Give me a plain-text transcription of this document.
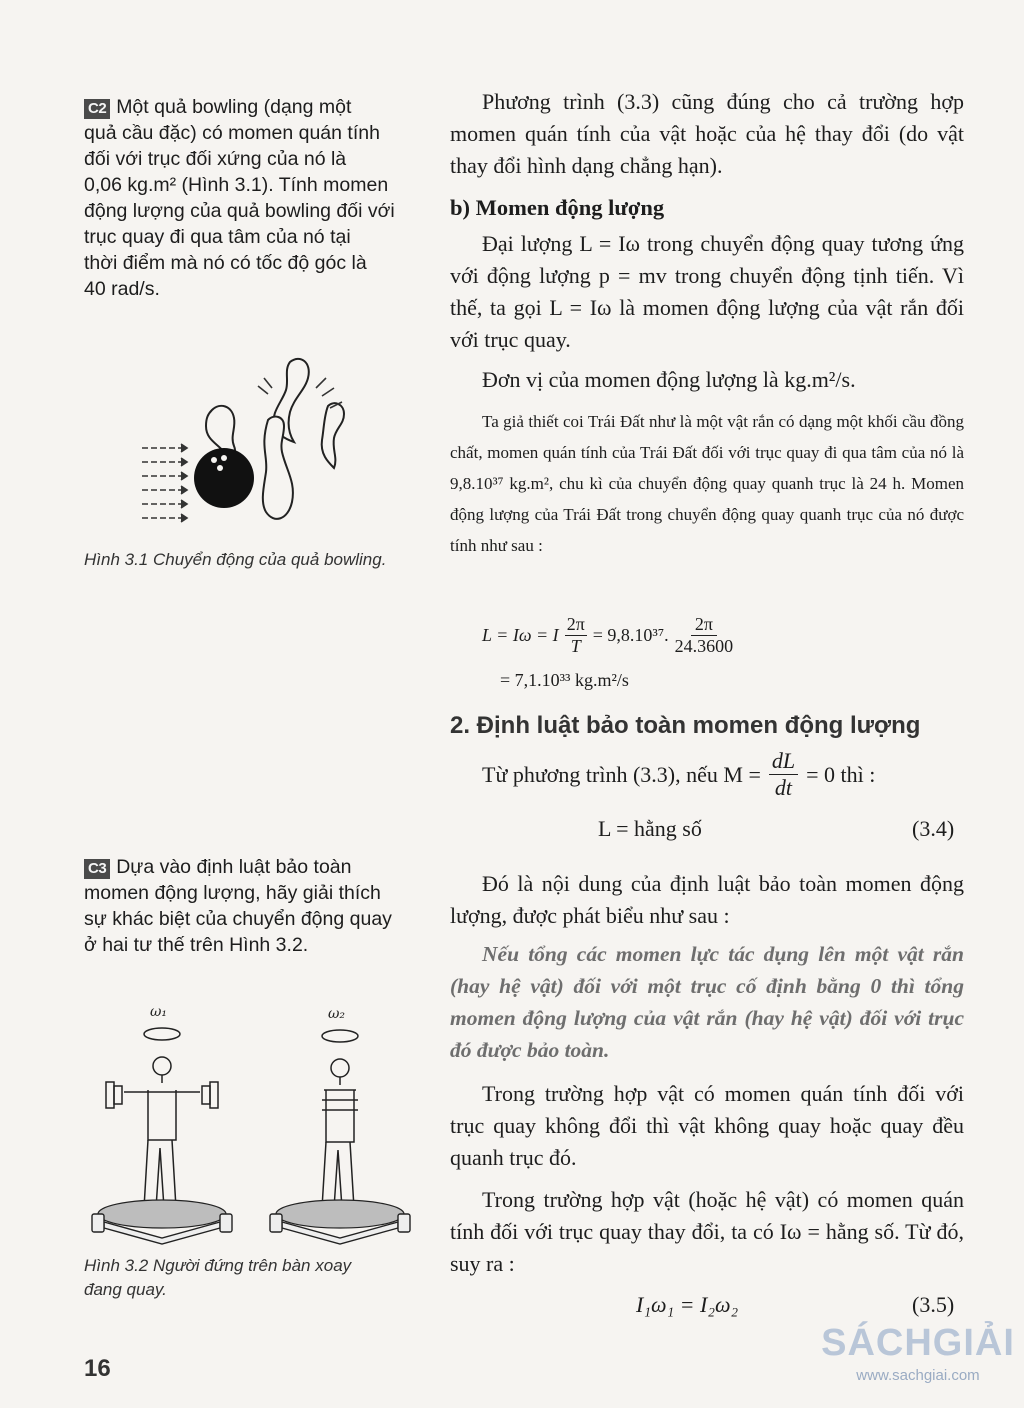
C2 Một quả bowling (dạng một
quả cầu đặc) có momen quán tính
đối với trục đối xứng của nó là
0,06 kg.m² (Hình 3.1). Tính momen
động lượng của quả bowling đối với
trục quay đi qua tâm của nó tại
thời điểm mà nó có tốc độ góc là
40 rad/s.

Hình 3.1 Chuyển động của quả bowling.

C3 Dựa vào định luật bảo toàn
momen động lượng, hãy giải thích
sự khác biệt của chuyển động quay
ở hai tư thế trên Hình 3.2.

ω₁	ω₂
Hình 3.2 Người đứng trên bàn xoay
đang quay.

Phương trình (3.3) cũng đúng cho cả trường hợp momen quán tính của vật hoặc của hệ thay đổi (do vật thay đổi hình dạng chẳng hạn).

b) Momen động lượng

Đại lượng L = Iω trong chuyển động quay tương ứng với động lượng p = mv trong chuyển động tịnh tiến. Vì thế, ta gọi L = Iω là momen động lượng của vật rắn đối với trục quay.

Đơn vị của momen động lượng là kg.m²/s.

Ta giả thiết coi Trái Đất như là một vật rắn có dạng một khối cầu đồng chất, momen quán tính của Trái Đất đối với trục quay đi qua tâm của nó là 9,8.10³⁷ kg.m², chu kì của chuyển động quay quanh trục là 24 h. Momen động lượng của Trái Đất trong chuyển động quay quanh trục của nó được tính như sau :

L = Iω = I $\frac{2\pi}{T} = 9,8.10^{37}$.
2π
24.3600
= 7,1.10³³ kg.m²/s

2. Định luật bảo toàn momen động lượng

Từ phương trình (3.3), nếu $M = \frac{dL}{dt} = 0$ thì :
L = hằng số	(3.4)

Đó là nội dung của định luật bảo toàn momen động lượng, được phát biểu như sau :

Nếu tổng các momen lực tác dụng lên một vật rắn (hay hệ vật) đối với một trục cố định bằng 0 thì tổng momen động lượng của vật rắn (hay hệ vật) đối với trục đó được bảo toàn.

Trong trường hợp vật có momen quán tính đối với trục quay không đổi thì vật không quay hoặc quay đều quanh trục đó.

Trong trường hợp vật (hoặc hệ vật) có momen quán tính đối với trục quay thay đổi, ta có Iω = hằng số. Từ đó, suy ra :

I₁ω₁ = I₂ω₂	(3.5)
16
SÁCHGIẢI
www.sachgiai.com
